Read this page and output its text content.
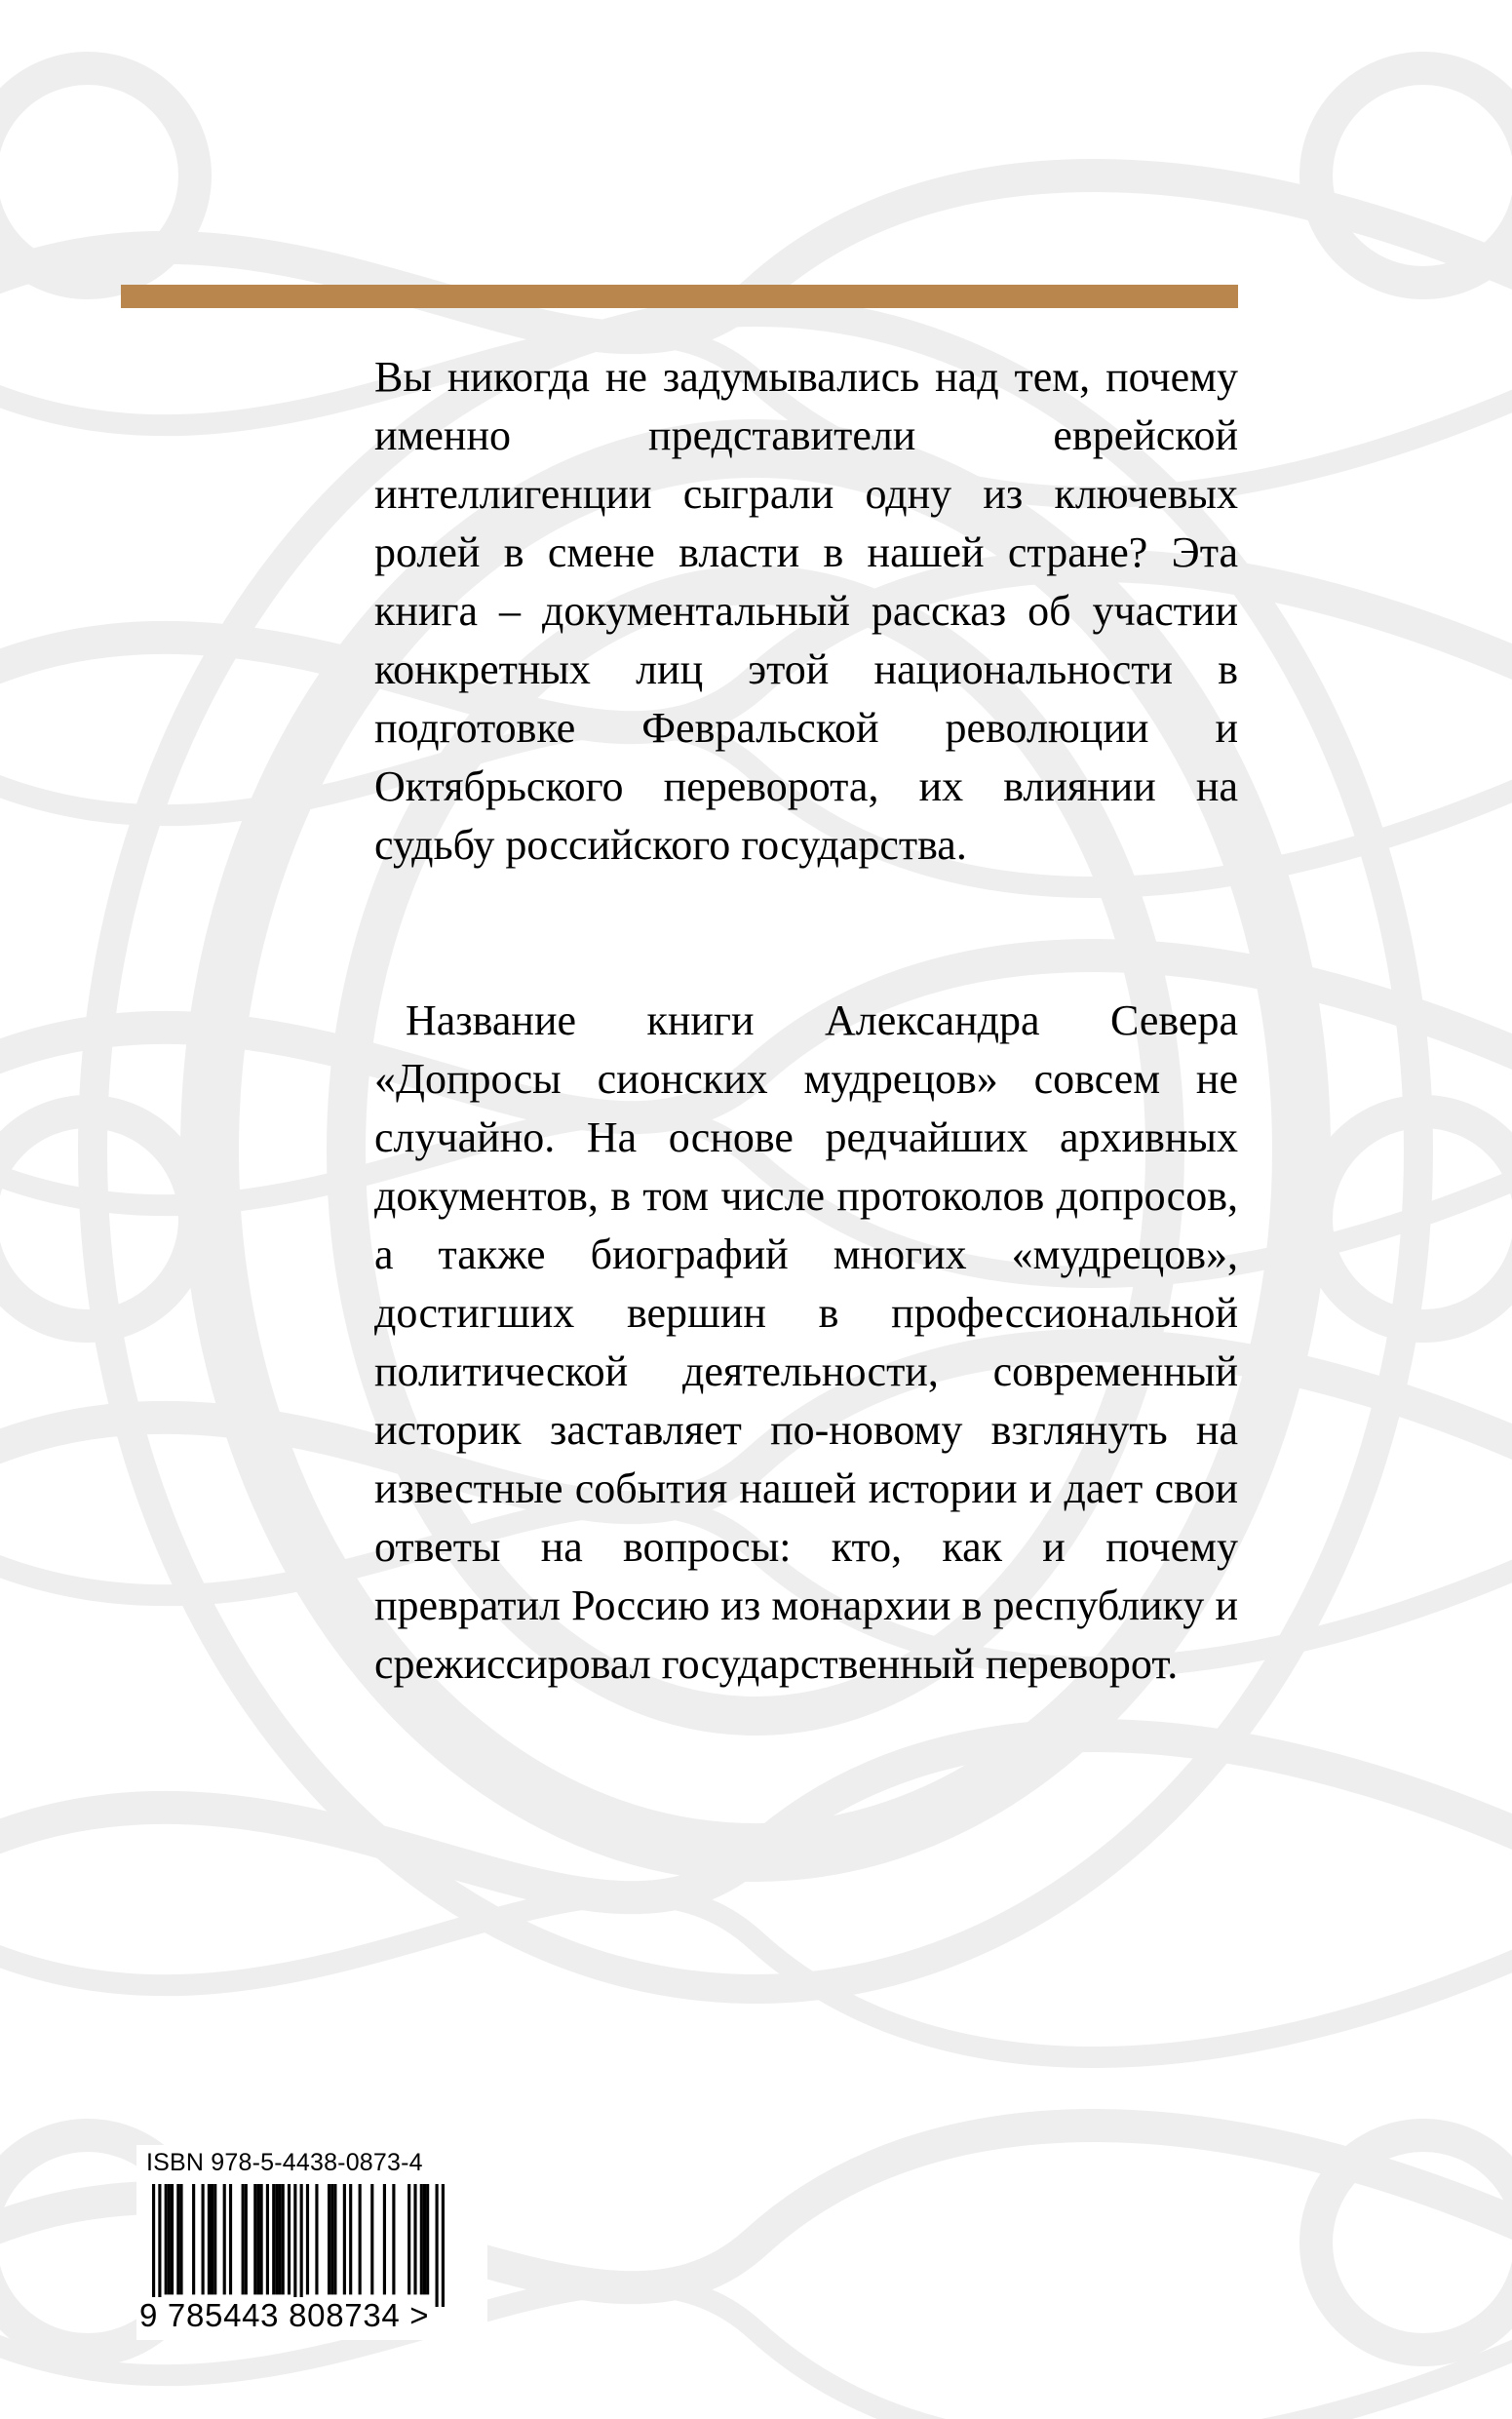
Вы никогда не задумывались над тем, почему именно представители еврейской интеллигенции сыграли одну из ключевых ролей в смене власти в нашей стране? Эта книга – документальный рассказ об участии конкретных лиц этой национальности в подготовке Февральской революции и Октябрьского переворота, их влиянии на судьбу российского государства.

Название книги Александра Севера «Допросы сионских мудрецов» совсем не случайно. На основе редчайших архивных документов, в том числе протоколов допросов, а также биографий многих «мудрецов», достигших вершин в профессиональной политической деятельности, современный историк заставляет по-новому взглянуть на известные события нашей истории и дает свои ответы на вопросы: кто, как и почему превратил Россию из монархии в республику и срежиссировал государственный переворот.

ISBN 978-5-4438-0873-4
9 785443 808734 >
